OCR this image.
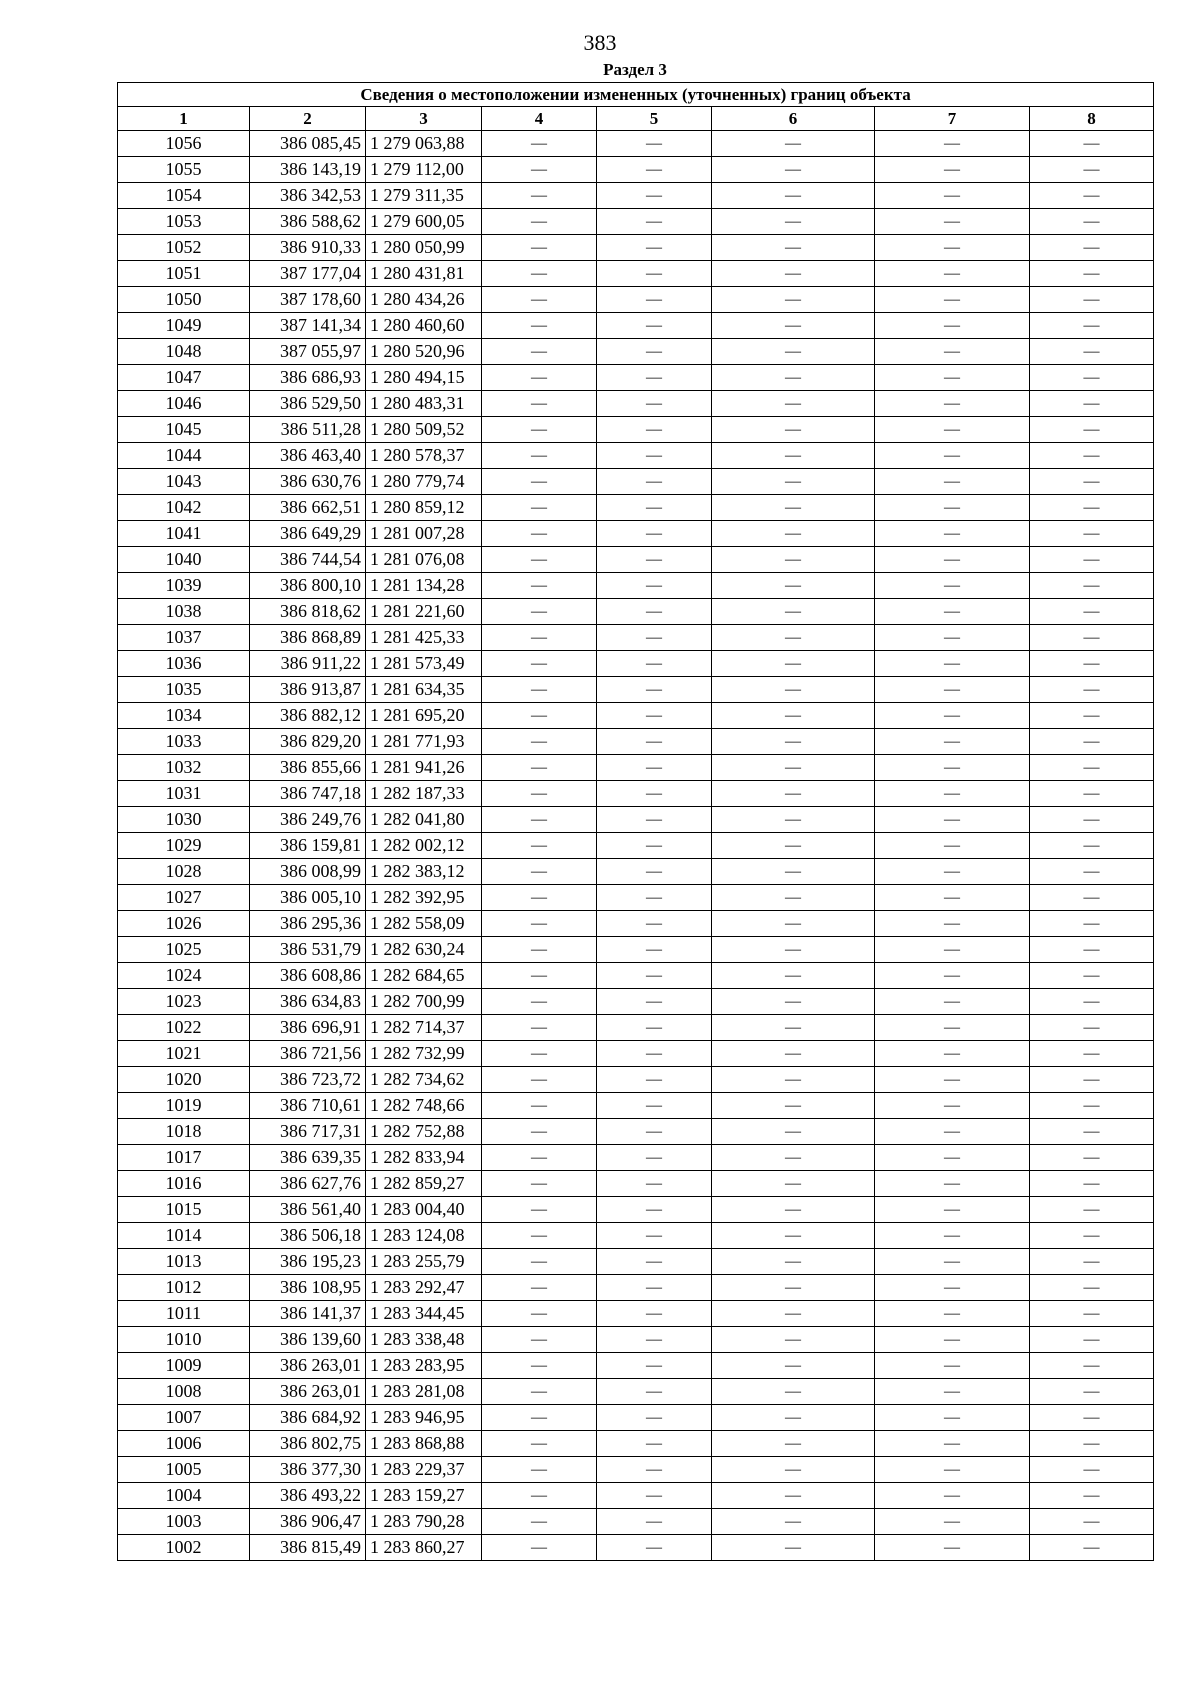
383
Раздел 3
Сведения о местоположении измененных (уточненных) границ объекта							
1	2	3	4	5	6	7	8
1056	386 085,45	1 279 063,88	—	—	—	—	—
1055	386 143,19	1 279 112,00	—	—	—	—	—
1054	386 342,53	1 279 311,35	—	—	—	—	—
1053	386 588,62	1 279 600,05	—	—	—	—	—
1052	386 910,33	1 280 050,99	—	—	—	—	—
1051	387 177,04	1 280 431,81	—	—	—	—	—
1050	387 178,60	1 280 434,26	—	—	—	—	—
1049	387 141,34	1 280 460,60	—	—	—	—	—
1048	387 055,97	1 280 520,96	—	—	—	—	—
1047	386 686,93	1 280 494,15	—	—	—	—	—
1046	386 529,50	1 280 483,31	—	—	—	—	—
1045	386 511,28	1 280 509,52	—	—	—	—	—
1044	386 463,40	1 280 578,37	—	—	—	—	—
1043	386 630,76	1 280 779,74	—	—	—	—	—
1042	386 662,51	1 280 859,12	—	—	—	—	—
1041	386 649,29	1 281 007,28	—	—	—	—	—
1040	386 744,54	1 281 076,08	—	—	—	—	—
1039	386 800,10	1 281 134,28	—	—	—	—	—
1038	386 818,62	1 281 221,60	—	—	—	—	—
1037	386 868,89	1 281 425,33	—	—	—	—	—
1036	386 911,22	1 281 573,49	—	—	—	—	—
1035	386 913,87	1 281 634,35	—	—	—	—	—
1034	386 882,12	1 281 695,20	—	—	—	—	—
1033	386 829,20	1 281 771,93	—	—	—	—	—
1032	386 855,66	1 281 941,26	—	—	—	—	—
1031	386 747,18	1 282 187,33	—	—	—	—	—
1030	386 249,76	1 282 041,80	—	—	—	—	—
1029	386 159,81	1 282 002,12	—	—	—	—	—
1028	386 008,99	1 282 383,12	—	—	—	—	—
1027	386 005,10	1 282 392,95	—	—	—	—	—
1026	386 295,36	1 282 558,09	—	—	—	—	—
1025	386 531,79	1 282 630,24	—	—	—	—	—
1024	386 608,86	1 282 684,65	—	—	—	—	—
1023	386 634,83	1 282 700,99	—	—	—	—	—
1022	386 696,91	1 282 714,37	—	—	—	—	—
1021	386 721,56	1 282 732,99	—	—	—	—	—
1020	386 723,72	1 282 734,62	—	—	—	—	—
1019	386 710,61	1 282 748,66	—	—	—	—	—
1018	386 717,31	1 282 752,88	—	—	—	—	—
1017	386 639,35	1 282 833,94	—	—	—	—	—
1016	386 627,76	1 282 859,27	—	—	—	—	—
1015	386 561,40	1 283 004,40	—	—	—	—	—
1014	386 506,18	1 283 124,08	—	—	—	—	—
1013	386 195,23	1 283 255,79	—	—	—	—	—
1012	386 108,95	1 283 292,47	—	—	—	—	—
1011	386 141,37	1 283 344,45	—	—	—	—	—
1010	386 139,60	1 283 338,48	—	—	—	—	—
1009	386 263,01	1 283 283,95	—	—	—	—	—
1008	386 263,01	1 283 281,08	—	—	—	—	—
1007	386 684,92	1 283 946,95	—	—	—	—	—
1006	386 802,75	1 283 868,88	—	—	—	—	—
1005	386 377,30	1 283 229,37	—	—	—	—	—
1004	386 493,22	1 283 159,27	—	—	—	—	—
1003	386 906,47	1 283 790,28	—	—	—	—	—
1002	386 815,49	1 283 860,27	—	—	—	—	—
